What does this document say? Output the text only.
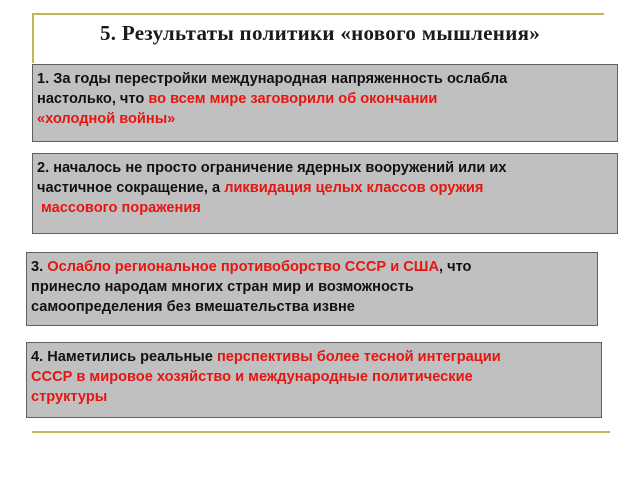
5. Результаты политики «нового мышления»
1. За годы перестройки международная напряженность ослабла
настолько, что во всем мире заговорили об окончании
«холодной войны»
2. началось не просто ограничение ядерных вооружений или их
частичное сокращение, а ликвидация целых классов оружия
массового поражения
3. Ослабло региональное противоборство СССР и США, что
принесло народам многих стран мир и возможность
самоопределения без вмешательства извне
4. Наметились реальные перспективы более тесной интеграции
СССР в мировое хозяйство и международные политические
структуры
